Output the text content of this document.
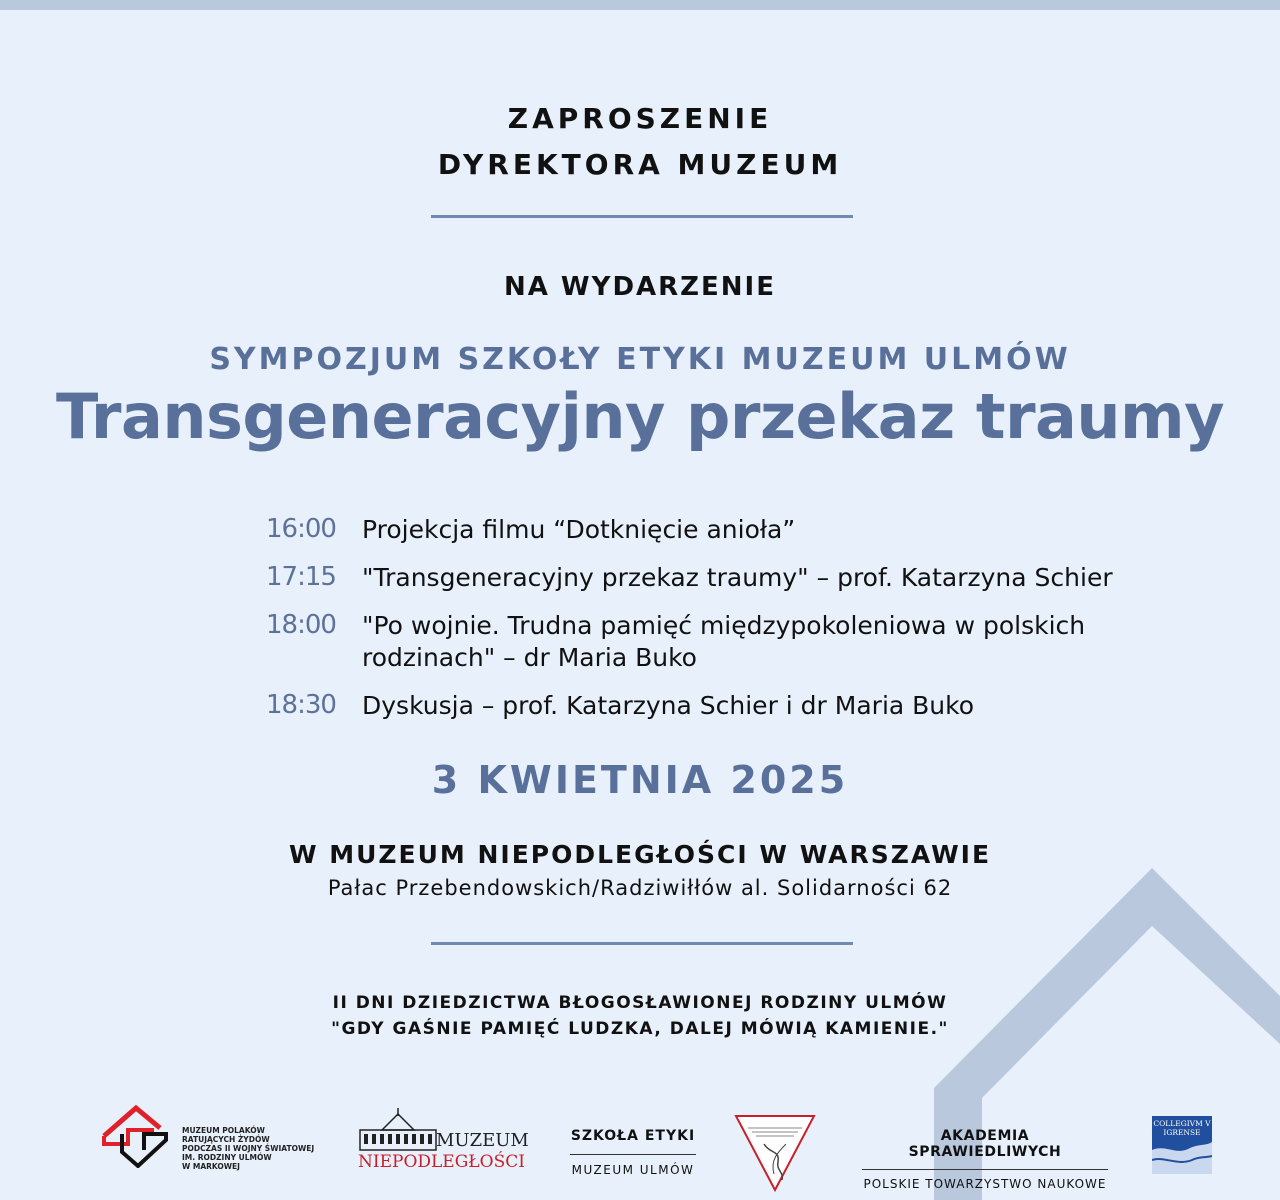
ZAPROSZENIE
DYREKTORA MUZEUM
NA WYDARZENIE
SYMPOZJUM SZKOŁY ETYKI MUZEUM ULMÓW
Transgeneracyjny przekaz traumy
16:00	Projekcja filmu “Dotknięcie anioła”
17:15	"Transgeneracyjny przekaz traumy" – prof. Katarzyna Schier
18:00	"Po wojnie. Trudna pamięć międzypokoleniowa w polskich rodzinach" – dr Maria Buko
18:30	Dyskusja – prof. Katarzyna Schier i dr Maria Buko
3 KWIETNIA 2025
W MUZEUM NIEPODLEGŁOŚCI W WARSZAWIE
Pałac Przebendowskich/Radziwiłłów al. Solidarności 62
II DNI DZIEDZICTWA BŁOGOSŁAWIONEJ RODZINY ULMÓW
"GDY GAŚNIE PAMIĘĆ LUDZKA, DALEJ MÓWIĄ KAMIENIE."
MUZEUM POLAKÓW
RATUJĄCYCH ŻYDÓW
PODCZAS II WOJNY ŚWIATOWEJ
IM. RODZINY ULMÓW
W MARKOWEJ
MUZEUM
NIEPODLEGŁOŚCI
SZKOŁA ETYKI
MUZEUM ULMÓW
AKADEMIA SPRAWIEDLIWYCH
POLSKIE TOWARZYSTWO NAUKOWE
COLLEGIVM VIGRENSE
